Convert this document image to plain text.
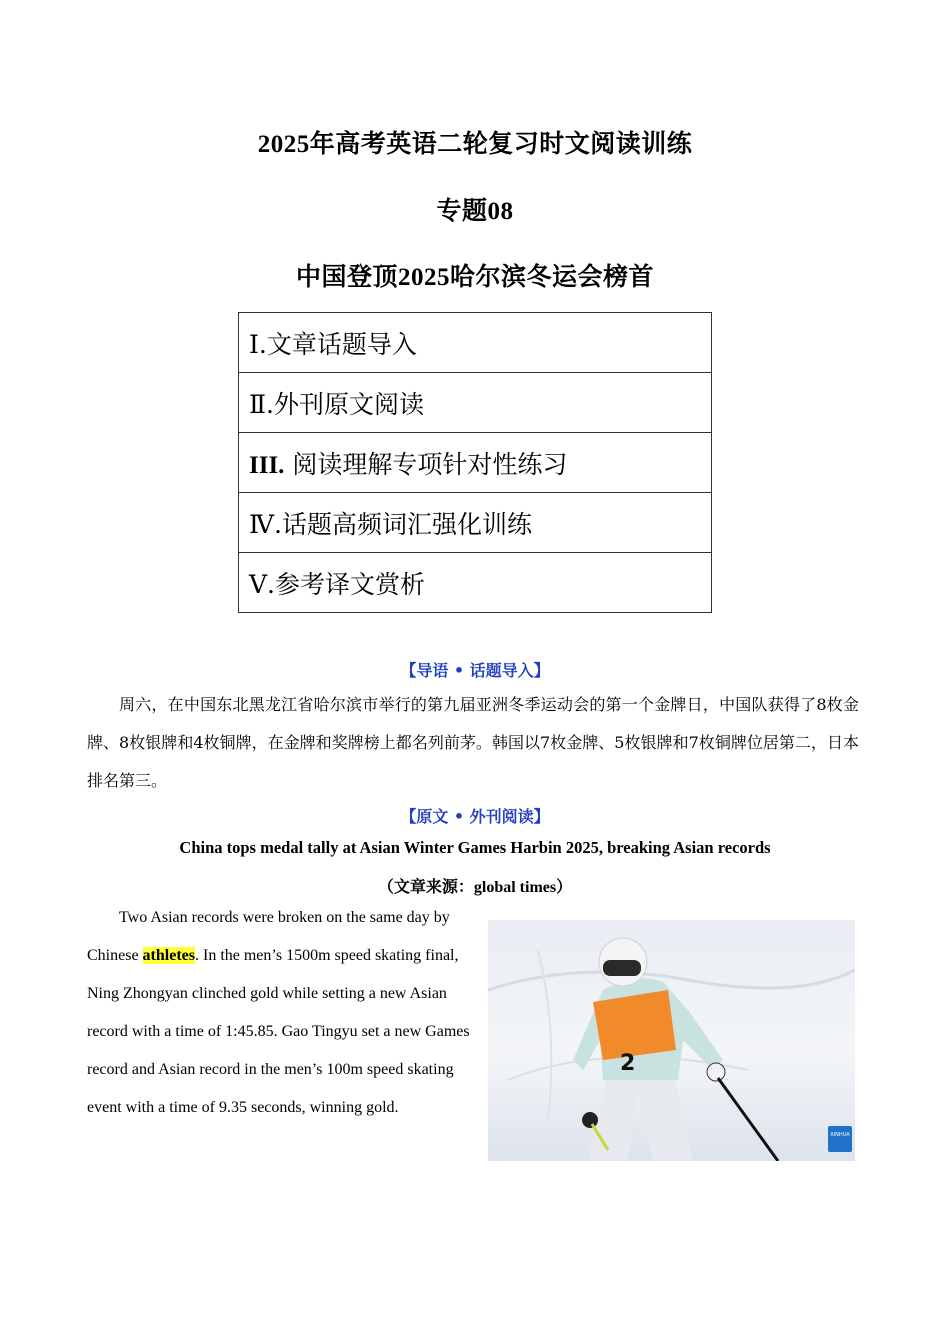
2025年高考英语二轮复习时文阅读训练
专题08
中国登顶2025哈尔滨冬运会榜首
Ⅰ.文章话题导入
Ⅱ.外刊原文阅读
III. 阅读理解专项针对性练习
Ⅳ.话题高频词汇强化训练
Ⅴ.参考译文赏析
【导语 • 话题导入】
周六，在中国东北黑龙江省哈尔滨市举行的第九届亚洲冬季运动会的第一个金牌日，中国队获得了8枚金牌、8枚银牌和4枚铜牌，在金牌和奖牌榜上都名列前茅。韩国以7枚金牌、5枚银牌和7枚铜牌位居第二，日本排名第三。
【原文 • 外刊阅读】
China tops medal tally at Asian Winter Games Harbin 2025, breaking Asian records
（文章来源：global times）
Two Asian records were broken on the same day by Chinese athletes. In the men’s 1500m speed skating final, Ning Zhongyan clinched gold while setting a new Asian record with a time of 1:45.85. Gao Tingyu set a new Games record and Asian record in the men’s 100m speed skating event with a time of 9.35 seconds, winning gold.
2
XINHUA
